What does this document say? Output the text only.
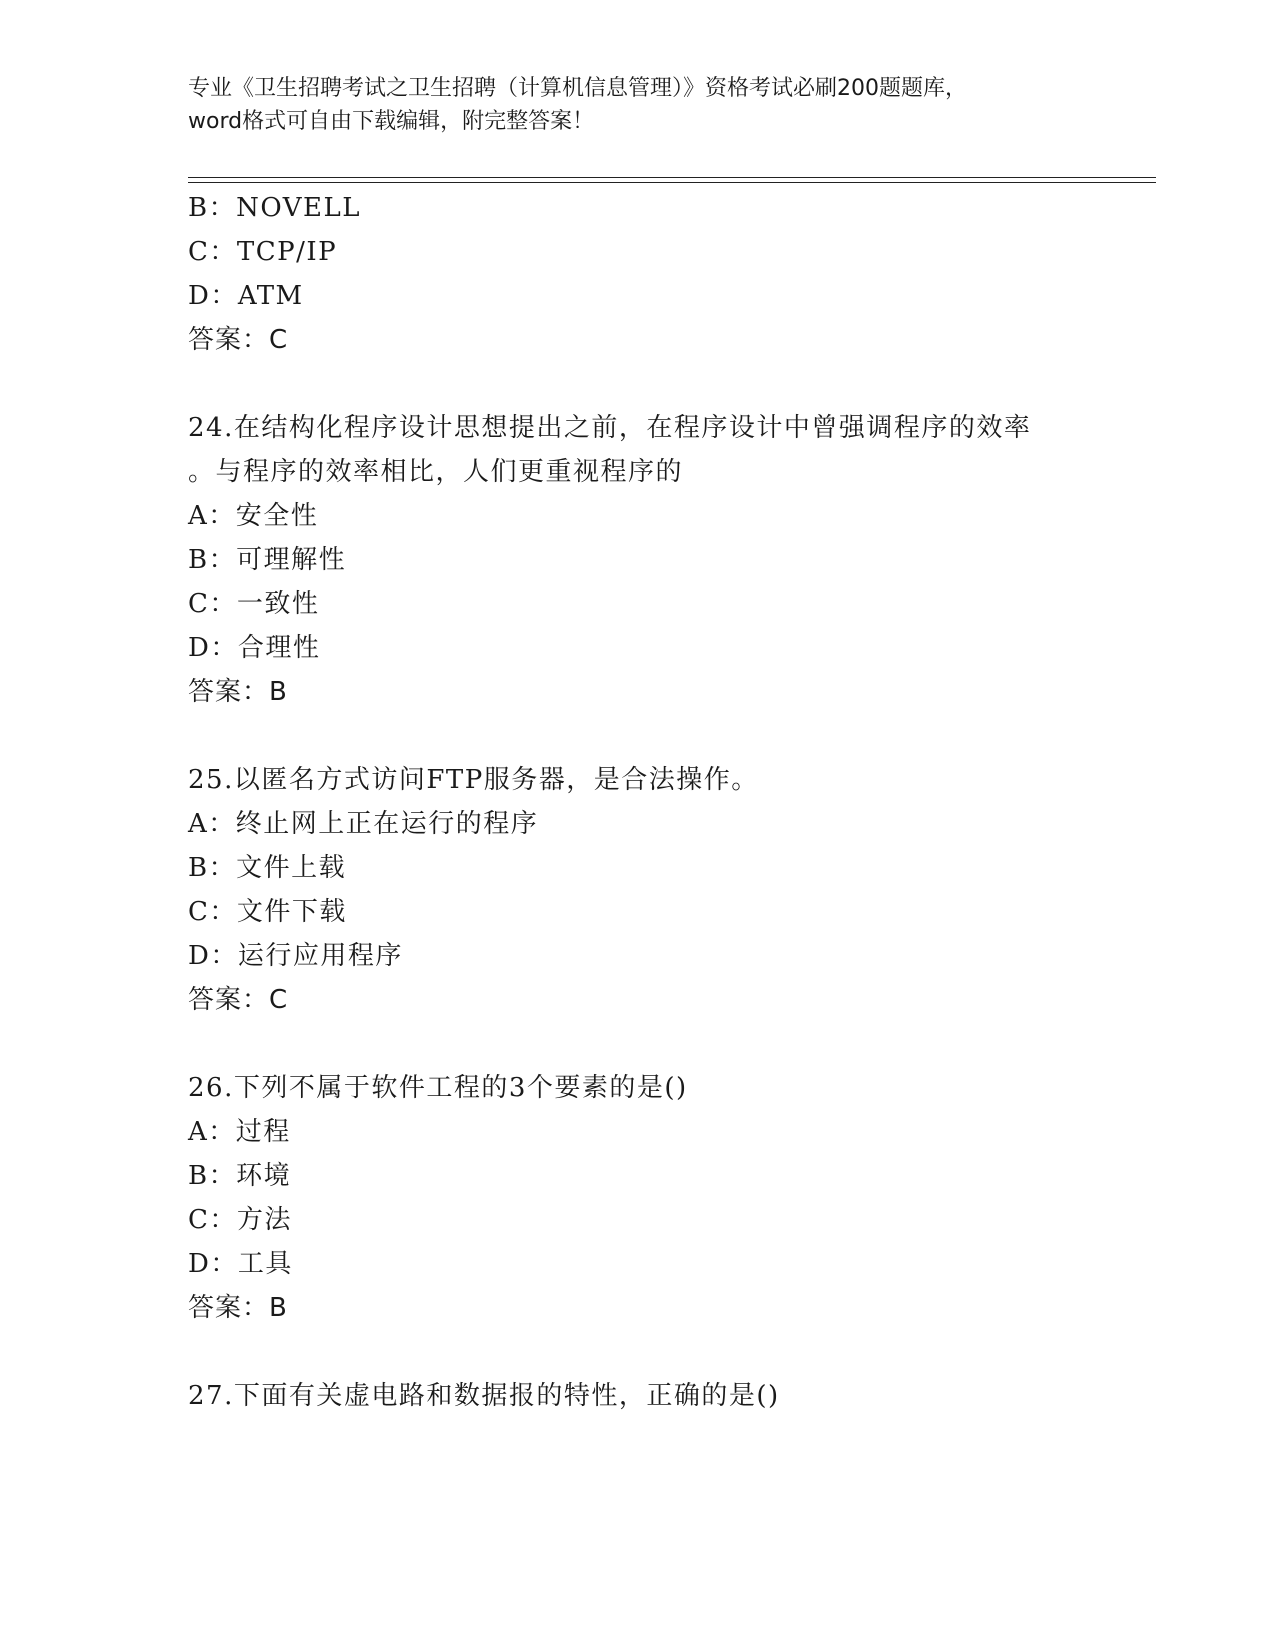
专业《卫生招聘考试之卫生招聘（计算机信息管理）》资格考试必刷200题题库，
word格式可自由下载编辑，附完整答案！
B：NOVELL
C：TCP/IP
D：ATM
答案：C
24.在结构化程序设计思想提出之前，在程序设计中曾强调程序的效率
。与程序的效率相比，人们更重视程序的
A：安全性
B：可理解性
C：一致性
D：合理性
答案：B
25.以匿名方式访问FTP服务器，是合法操作。
A：终止网上正在运行的程序
B：文件上载
C：文件下载
D：运行应用程序
答案：C
26.下列不属于软件工程的3个要素的是()
A：过程
B：环境
C：方法
D：工具
答案：B
27.下面有关虚电路和数据报的特性，正确的是()
